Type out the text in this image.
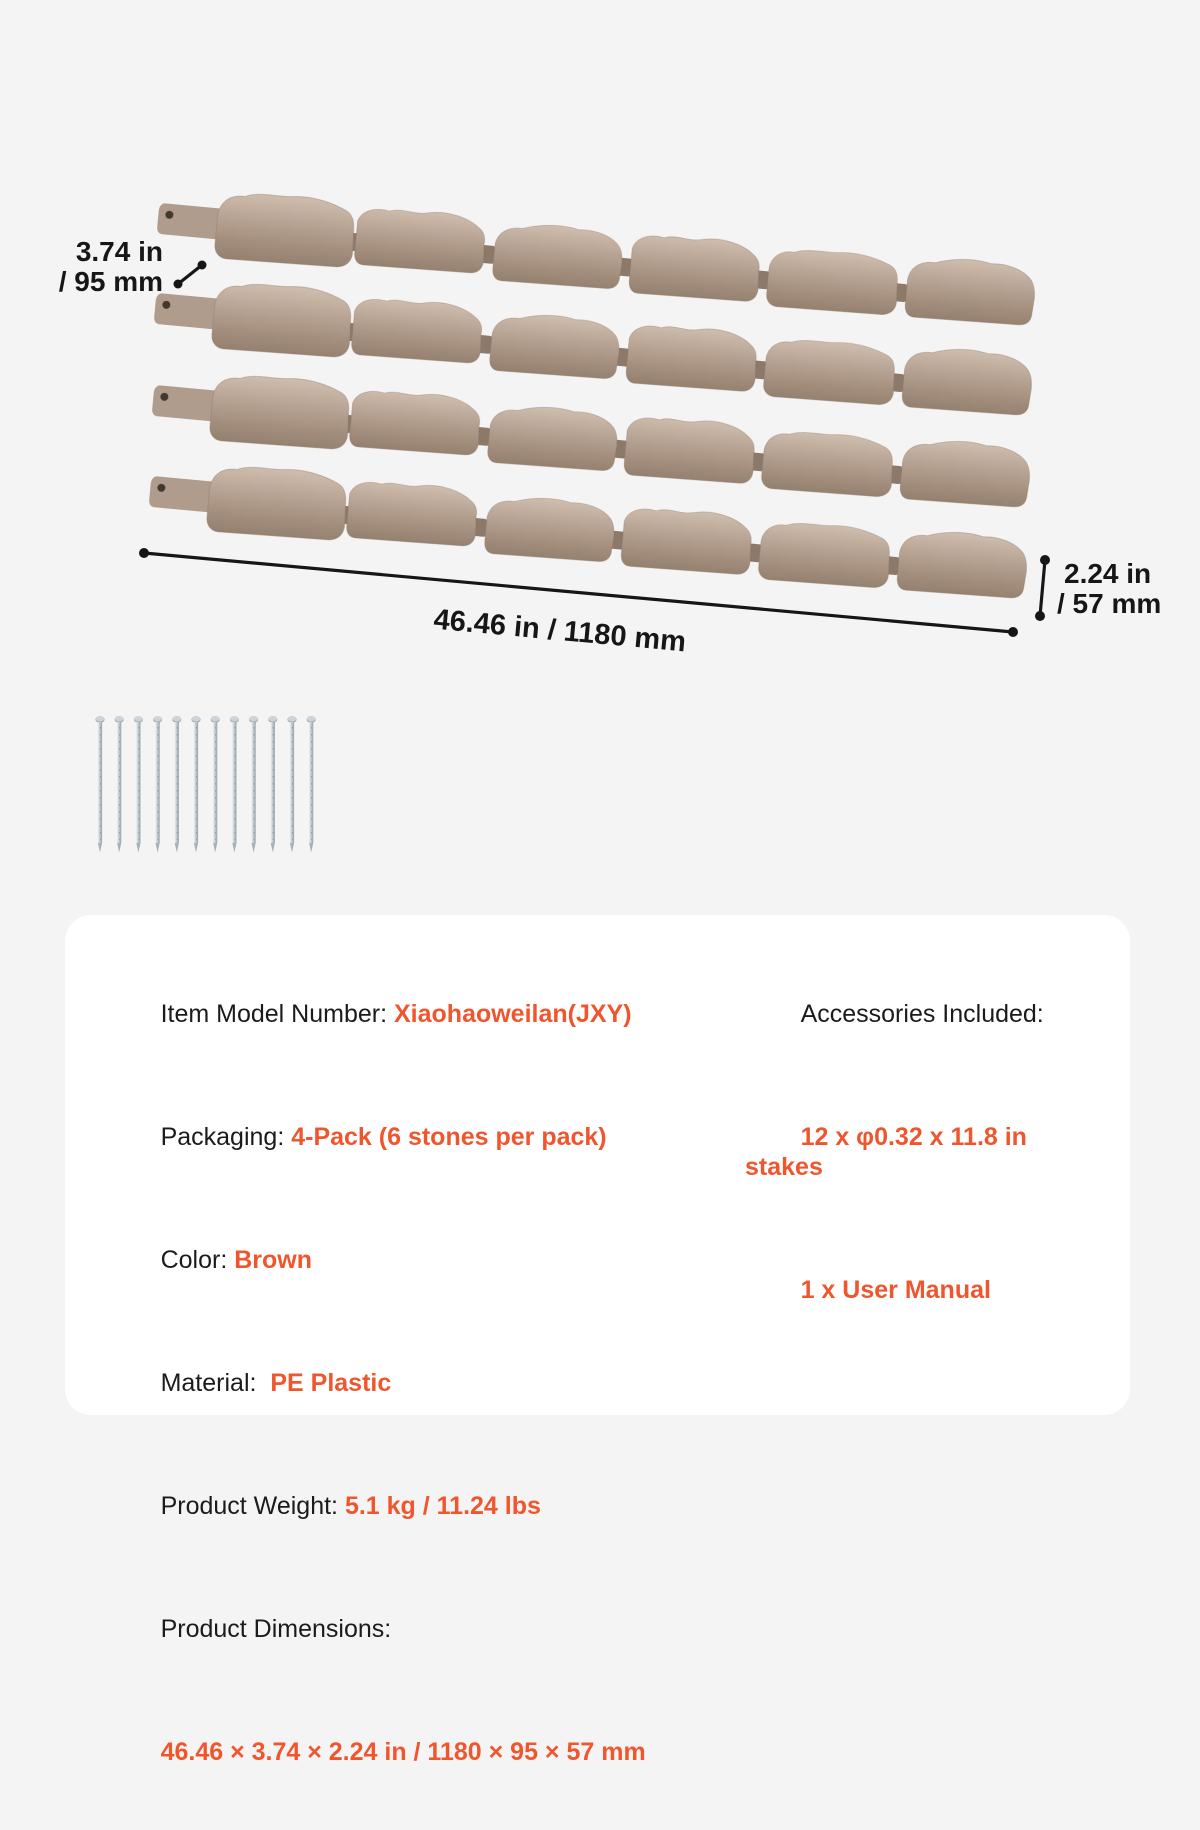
3.74 in
/ 95 mm
46.46 in / 1180 mm
2.24 in
/ 57 mm

Item Model Number: Xiaohaoweilan(JXY)

Packaging: 4-Pack (6 stones per pack)

Color: Brown

Material:  PE Plastic

Product Weight: 5.1 kg / 11.24 lbs

Product Dimensions:

46.46 × 3.74 × 2.24 in / 1180 × 95 × 57 mm

Accessories Included:

12 x φ0.32 x 11.8 in stakes

1 x User Manual
